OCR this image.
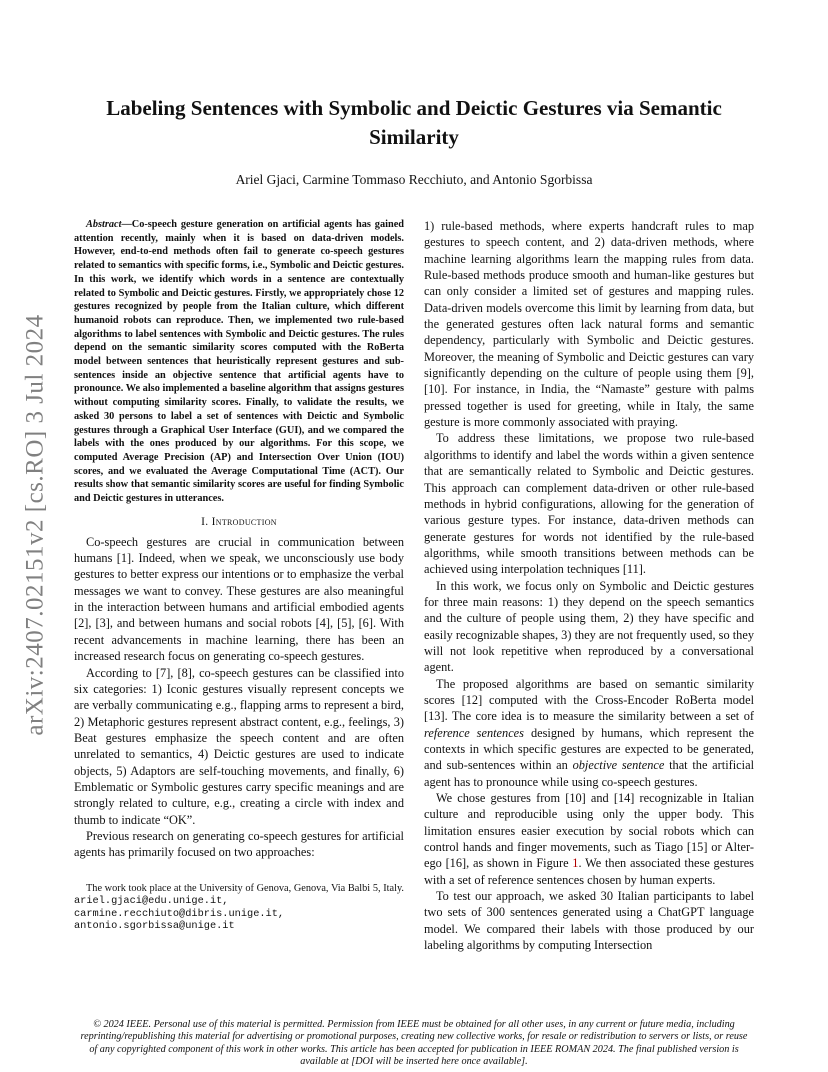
arXiv:2407.02151v2 [cs.RO] 3 Jul 2024
Labeling Sentences with Symbolic and Deictic Gestures via Semantic Similarity
Ariel Gjaci, Carmine Tommaso Recchiuto, and Antonio Sgorbissa

Abstract—Co-speech gesture generation on artificial agents has gained attention recently, mainly when it is based on data-driven models. However, end-to-end methods often fail to generate co-speech gestures related to semantics with specific forms, i.e., Symbolic and Deictic gestures. In this work, we identify which words in a sentence are contextually related to Symbolic and Deictic gestures. Firstly, we appropriately chose 12 gestures recognized by people from the Italian culture, which different humanoid robots can reproduce. Then, we implemented two rule-based algorithms to label sentences with Symbolic and Deictic gestures. The rules depend on the semantic similarity scores computed with the RoBerta model between sentences that heuristically represent gestures and sub-sentences inside an objective sentence that artificial agents have to pronounce. We also implemented a baseline algorithm that assigns gestures without computing similarity scores. Finally, to validate the results, we asked 30 persons to label a set of sentences with Deictic and Symbolic gestures through a Graphical User Interface (GUI), and we compared the labels with the ones produced by our algorithms. For this scope, we computed Average Precision (AP) and Intersection Over Union (IOU) scores, and we evaluated the Average Computational Time (ACT). Our results show that semantic similarity scores are useful for finding Symbolic and Deictic gestures in utterances.

I. Introduction

Co-speech gestures are crucial in communication between humans [1]. Indeed, when we speak, we unconsciously use body gestures to better express our intentions or to emphasize the verbal messages we want to convey. These gestures are also meaningful in the interaction between humans and artificial embodied agents [2], [3], and between humans and social robots [4], [5], [6]. With recent advancements in machine learning, there has been an increased research focus on generating co-speech gestures.

According to [7], [8], co-speech gestures can be classified into six categories: 1) Iconic gestures visually represent concepts we are verbally communicating e.g., flapping arms to represent a bird, 2) Metaphoric gestures represent abstract content, e.g., feelings, 3) Beat gestures emphasize the speech content and are often unrelated to semantics, 4) Deictic gestures are used to indicate objects, 5) Adaptors are self-touching movements, and finally, 6) Emblematic or Symbolic gestures carry specific meanings and are strongly related to culture, e.g., creating a circle with index and thumb to indicate “OK”.

Previous research on generating co-speech gestures for artificial agents has primarily focused on two approaches:

The work took place at the University of Genova, Genova, Via Balbi 5, Italy. ariel.gjaci@edu.unige.it, carmine.recchiuto@dibris.unige.it, antonio.sgorbissa@unige.it

1) rule-based methods, where experts handcraft rules to map gestures to speech content, and 2) data-driven methods, where machine learning algorithms learn the mapping rules from data. Rule-based methods produce smooth and human-like gestures but can only consider a limited set of gestures and mapping rules. Data-driven models overcome this limit by learning from data, but the generated gestures often lack natural forms and semantic dependency, particularly with Symbolic and Deictic gestures. Moreover, the meaning of Symbolic and Deictic gestures can vary significantly depending on the culture of people using them [9], [10]. For instance, in India, the “Namaste” gesture with palms pressed together is used for greeting, while in Italy, the same gesture is more commonly associated with praying.

To address these limitations, we propose two rule-based algorithms to identify and label the words within a given sentence that are semantically related to Symbolic and Deictic gestures. This approach can complement data-driven or other rule-based methods in hybrid configurations, allowing for the generation of various gesture types. For instance, data-driven methods can generate gestures for words not identified by the rule-based algorithms, while smooth transitions between methods can be achieved using interpolation techniques [11].

In this work, we focus only on Symbolic and Deictic gestures for three main reasons: 1) they depend on the speech semantics and the culture of people using them, 2) they have specific and easily recognizable shapes, 3) they are not frequently used, so they will not look repetitive when reproduced by a conversational agent.

The proposed algorithms are based on semantic similarity scores [12] computed with the Cross-Encoder RoBerta model [13]. The core idea is to measure the similarity between a set of reference sentences designed by humans, which represent the contexts in which specific gestures are expected to be generated, and sub-sentences within an objective sentence that the artificial agent has to pronounce while using co-speech gestures.

We chose gestures from [10] and [14] recognizable in Italian culture and reproducible using only the upper body. This limitation ensures easier execution by social robots which can control hands and finger movements, such as Tiago [15] or Alter-ego [16], as shown in Figure 1. We then associated these gestures with a set of reference sentences chosen by human experts.

To test our approach, we asked 30 Italian participants to label two sets of 300 sentences generated using a ChatGPT language model. We compared their labels with those produced by our labeling algorithms by computing Intersection

© 2024 IEEE. Personal use of this material is permitted. Permission from IEEE must be obtained for all other uses, in any current or future media, including reprinting/republishing this material for advertising or promotional purposes, creating new collective works, for resale or redistribution to servers or lists, or reuse of any copyrighted component of this work in other works. This article has been accepted for publication in IEEE ROMAN 2024. The final published version is available at [DOI will be inserted here once available].
